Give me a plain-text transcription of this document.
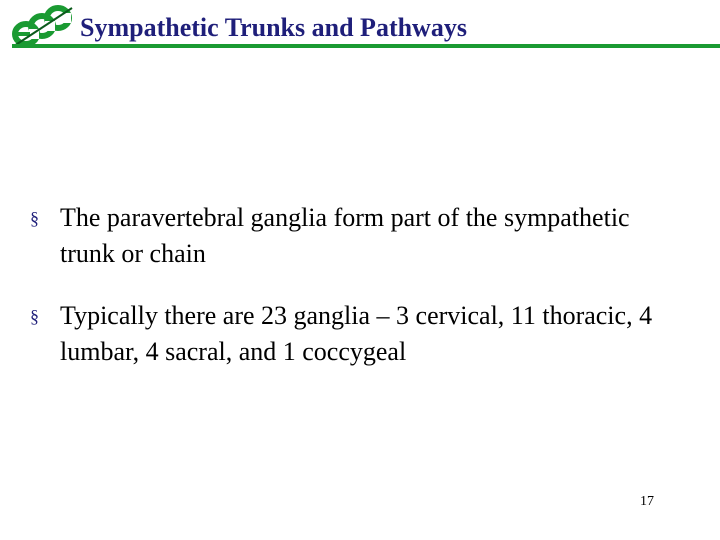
Sympathetic Trunks and Pathways
§ The paravertebral ganglia form part of the sympathetic trunk or chain
§ Typically there are 23 ganglia – 3 cervical, 11 thoracic, 4 lumbar, 4 sacral, and 1 coccygeal
17
